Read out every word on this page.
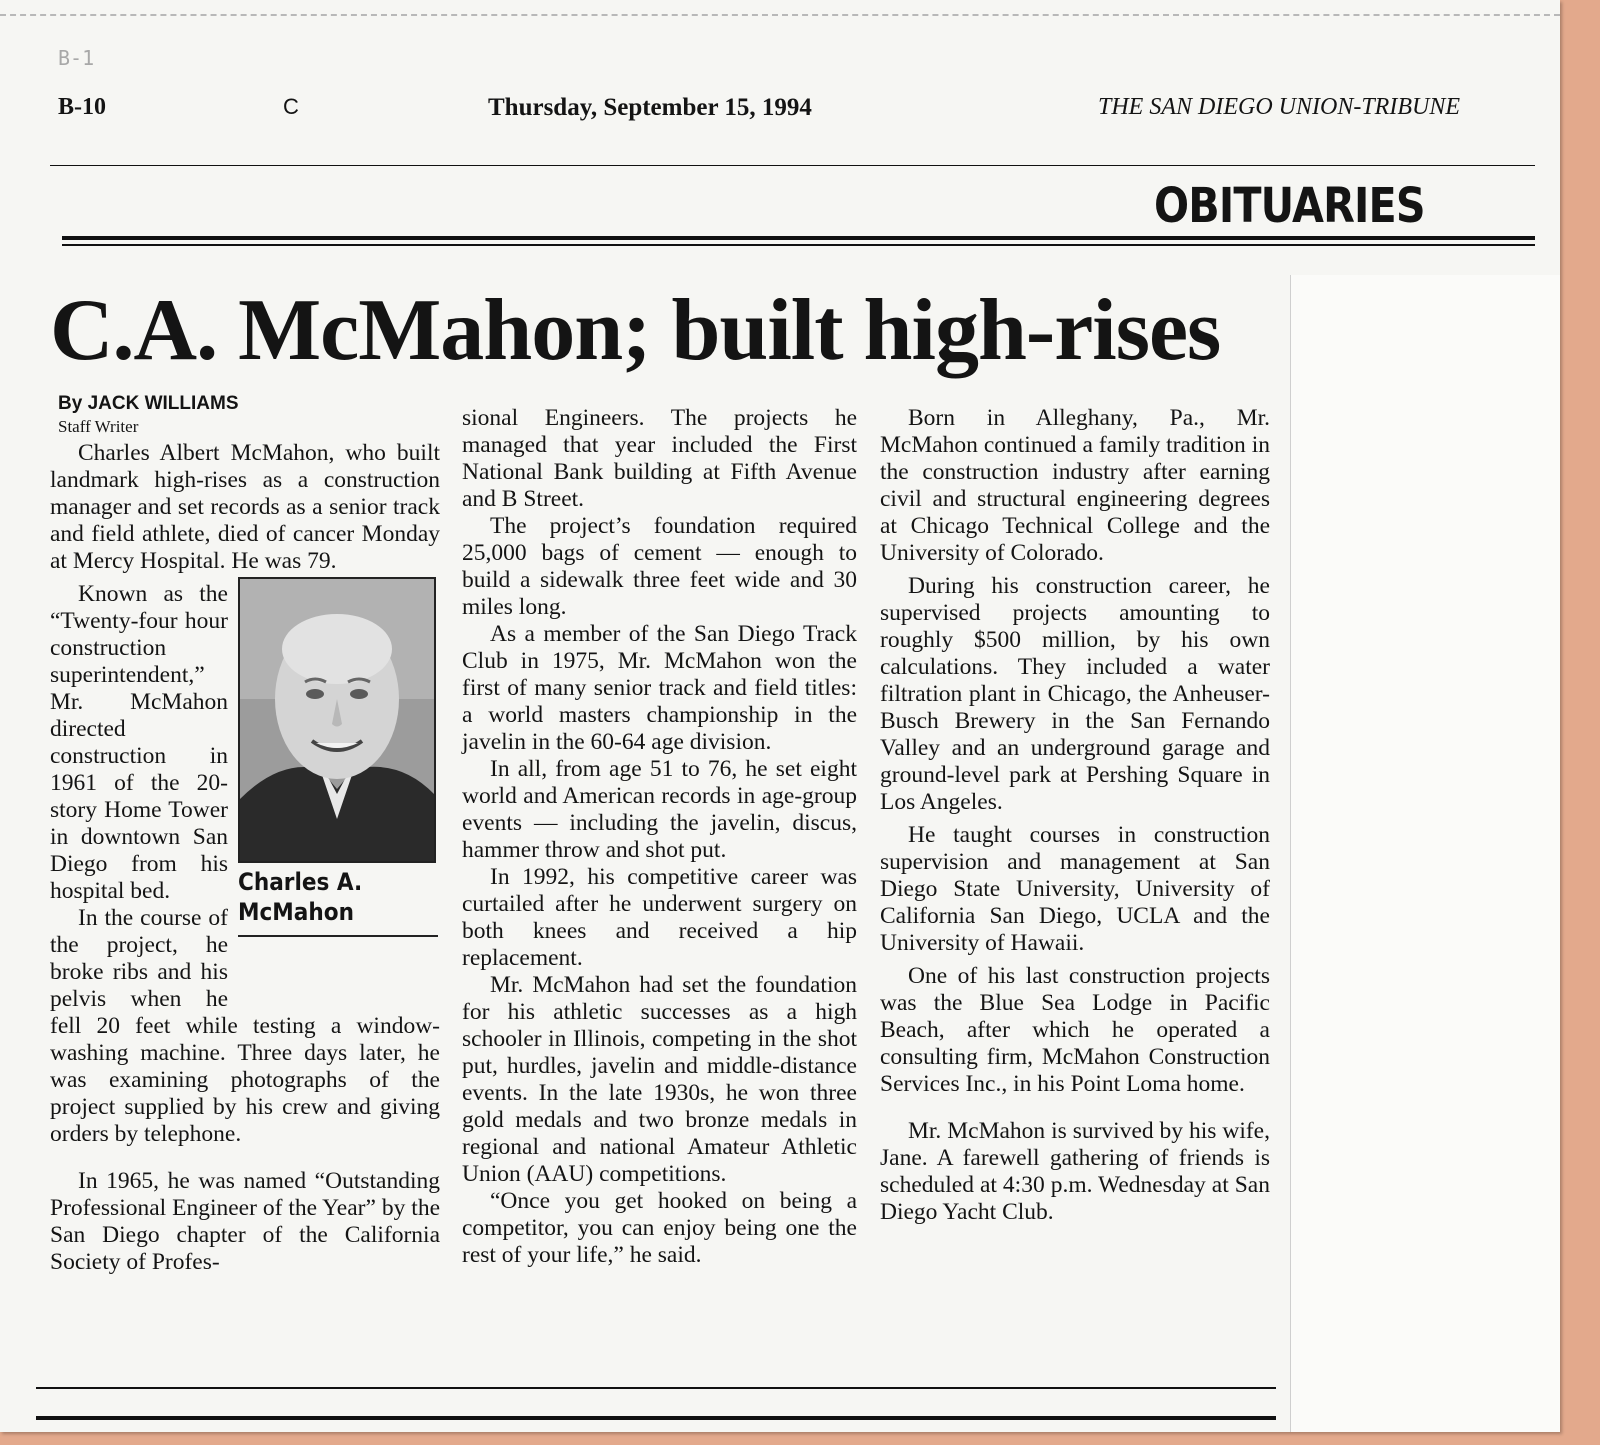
B-1
B-10	C	Thursday, September 15, 1994	THE SAN DIEGO UNION-TRIBUNE
OBITUARIES
C.A. McMahon; built high-rises
By JACK WILLIAMS
Staff Writer

Charles Albert McMahon, who built landmark high-rises as a construction manager and set records as a senior track and field athlete, died of cancer Monday at Mercy Hospital. He was 79.

Charles A.
McMahon

Known as the “Twenty-four hour construction superintendent,” Mr. McMahon directed construction in 1961 of the 20-story Home Tower in downtown San Diego from his hospital bed.

In the course of the project, he broke ribs and his pelvis when he fell 20 feet while testing a window-washing machine. Three days later, he was examining photographs of the project supplied by his crew and giving orders by telephone.

In 1965, he was named “Outstanding Professional Engineer of the Year” by the San Diego chapter of the California Society of Profes-

sional Engineers. The projects he managed that year included the First National Bank building at Fifth Avenue and B Street.

The project’s foundation required 25,000 bags of cement — enough to build a sidewalk three feet wide and 30 miles long.

As a member of the San Diego Track Club in 1975, Mr. McMahon won the first of many senior track and field titles: a world masters championship in the javelin in the 60-64 age division.

In all, from age 51 to 76, he set eight world and American records in age-group events — including the javelin, discus, hammer throw and shot put.

In 1992, his competitive career was curtailed after he underwent surgery on both knees and received a hip replacement.

Mr. McMahon had set the foundation for his athletic successes as a high schooler in Illinois, competing in the shot put, hurdles, javelin and middle-distance events. In the late 1930s, he won three gold medals and two bronze medals in regional and national Amateur Athletic Union (AAU) competitions.

“Once you get hooked on being a competitor, you can enjoy being one the rest of your life,” he said.

Born in Alleghany, Pa., Mr. McMahon continued a family tradition in the construction industry after earning civil and structural engineering degrees at Chicago Technical College and the University of Colorado.

During his construction career, he supervised projects amounting to roughly $500 million, by his own calculations. They included a water filtration plant in Chicago, the Anheuser-Busch Brewery in the San Fernando Valley and an underground garage and ground-level park at Pershing Square in Los Angeles.

He taught courses in construction supervision and management at San Diego State University, University of California San Diego, UCLA and the University of Hawaii.

One of his last construction projects was the Blue Sea Lodge in Pacific Beach, after which he operated a consulting firm, McMahon Construction Services Inc., in his Point Loma home.

Mr. McMahon is survived by his wife, Jane. A farewell gathering of friends is scheduled at 4:30 p.m. Wednesday at San Diego Yacht Club.
